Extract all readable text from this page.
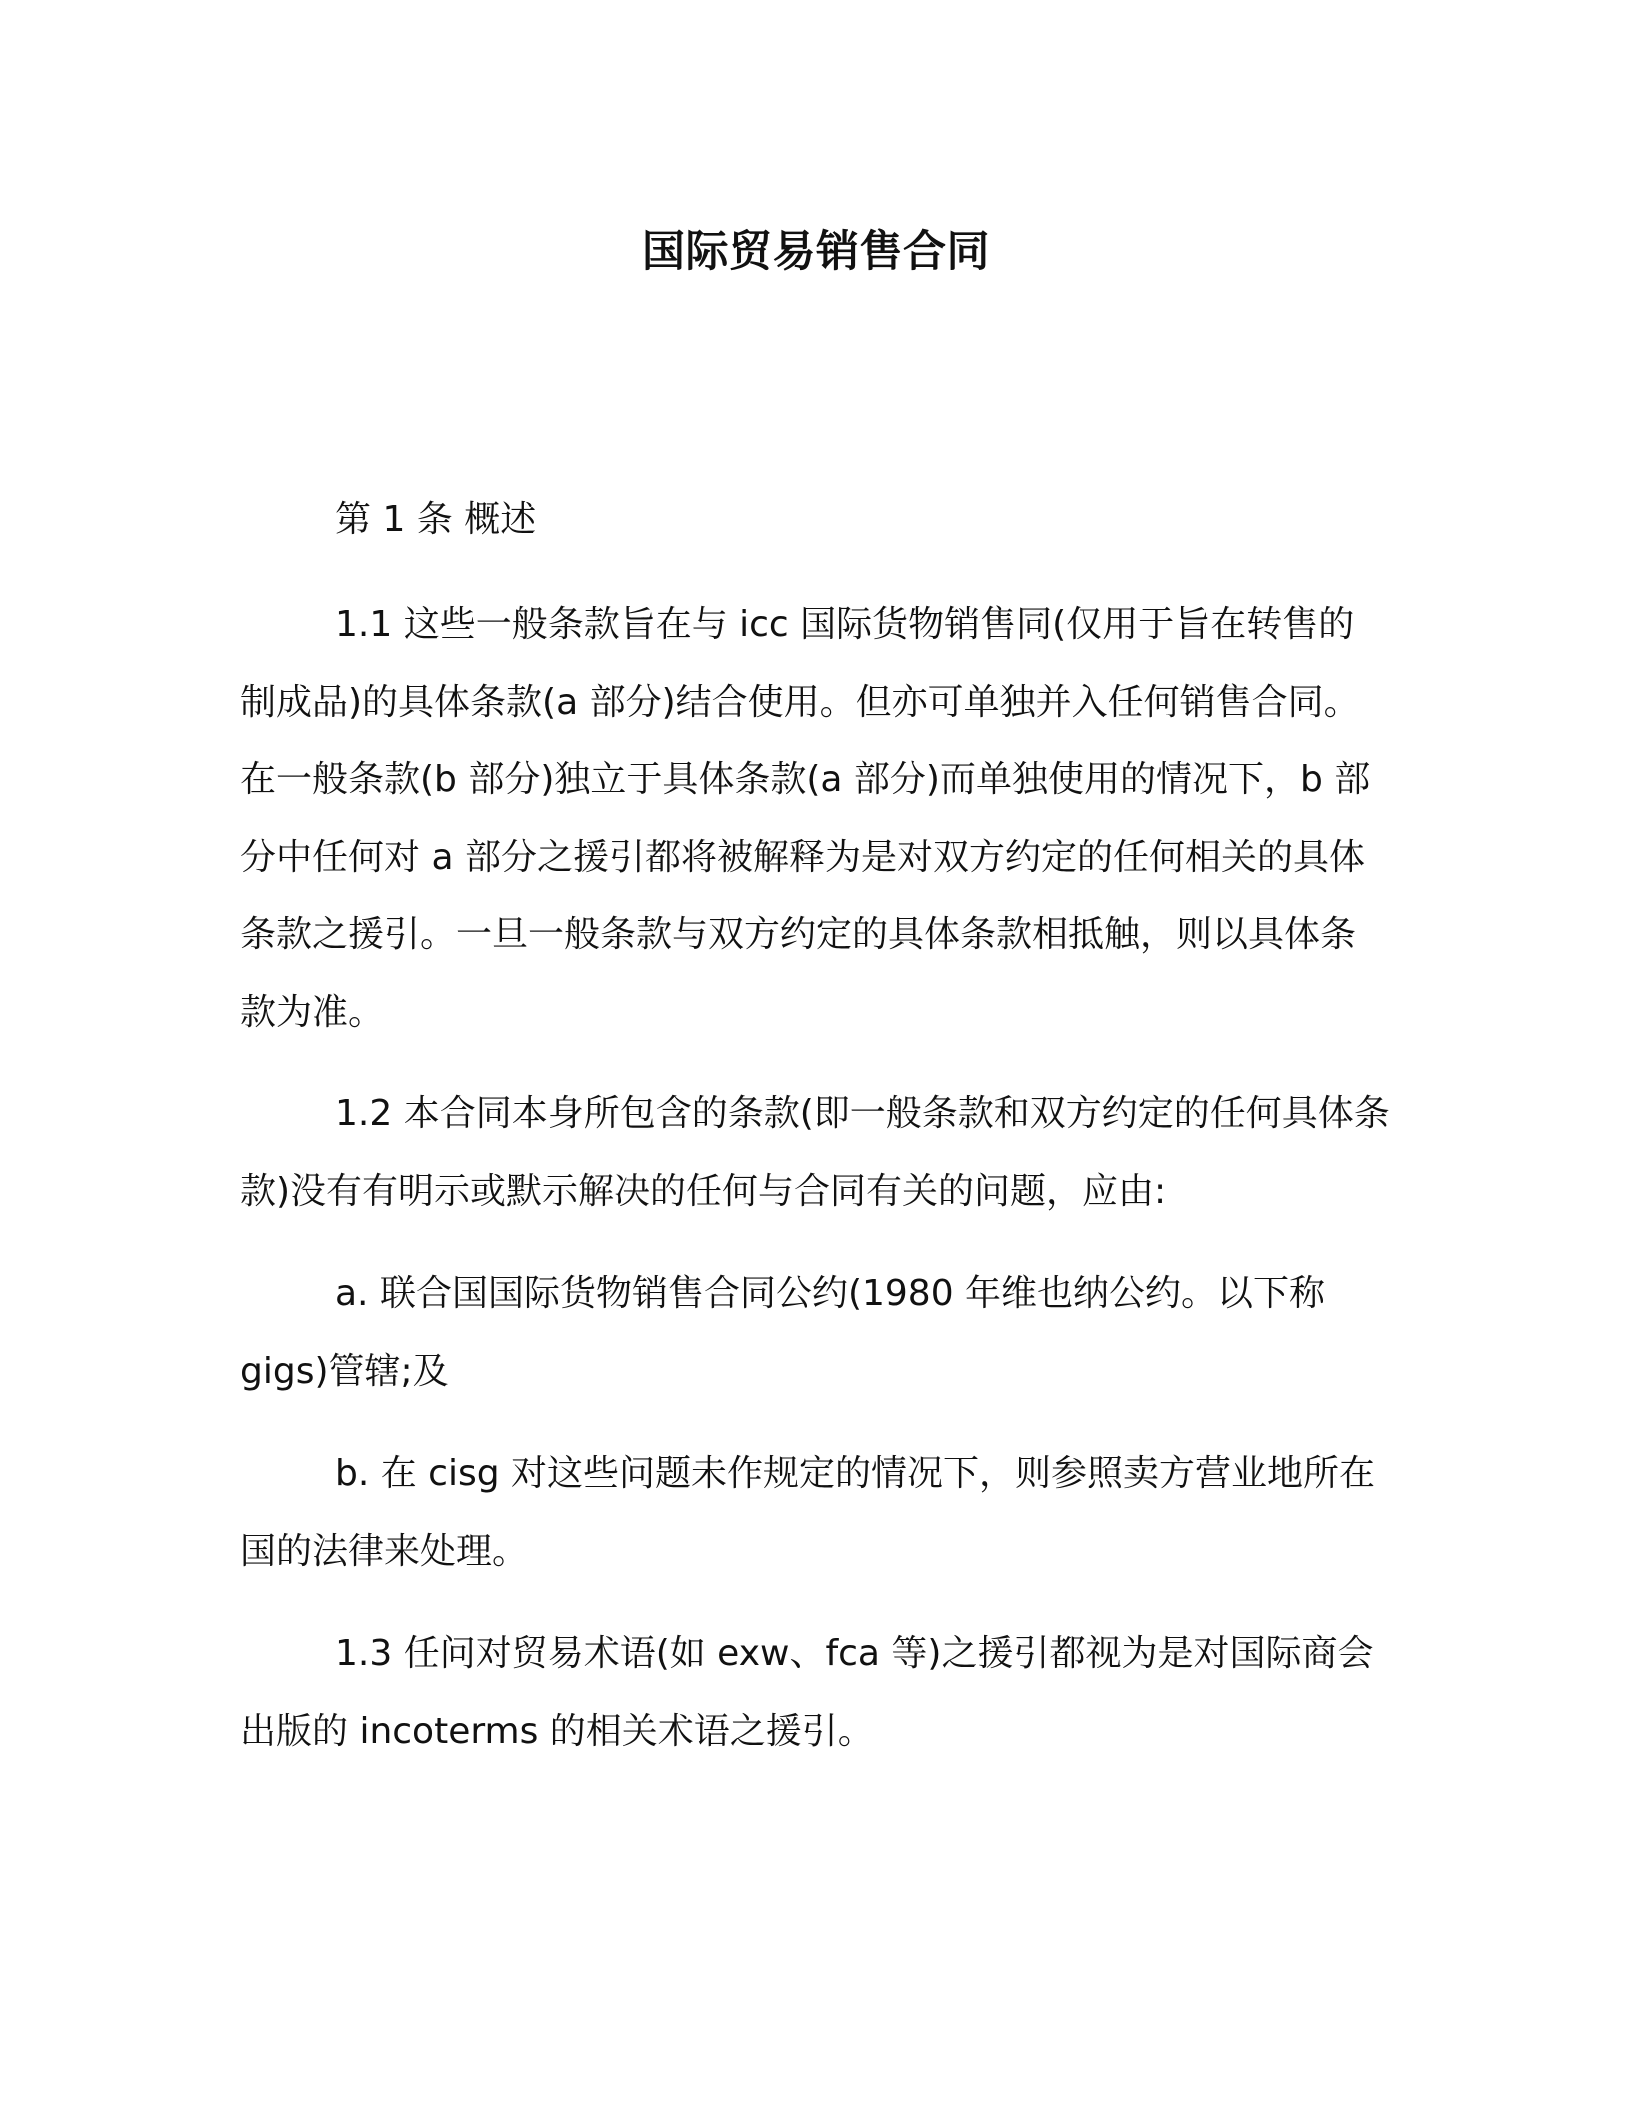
国际贸易销售合同
第 1 条 概述

1.1 这些一般条款旨在与 icc 国际货物销售同(仅用于旨在转售的制成品)的具体条款(a 部分)结合使用。但亦可单独并入任何销售合同。在一般条款(b 部分)独立于具体条款(a 部分)而单独使用的情况下，b 部分中任何对 a 部分之援引都将被解释为是对双方约定的任何相关的具体条款之援引。一旦一般条款与双方约定的具体条款相抵触，则以具体条款为准。

1.2 本合同本身所包含的条款(即一般条款和双方约定的任何具体条款)没有有明示或默示解决的任何与合同有关的问题，应由:

a. 联合国国际货物销售合同公约(1980 年维也纳公约。以下称 gigs)管辖;及

b. 在 cisg 对这些问题未作规定的情况下，则参照卖方营业地所在国的法律来处理。

1.3 任问对贸易术语(如 exw、fca 等)之援引都视为是对国际商会出版的 incoterms 的相关术语之援引。
